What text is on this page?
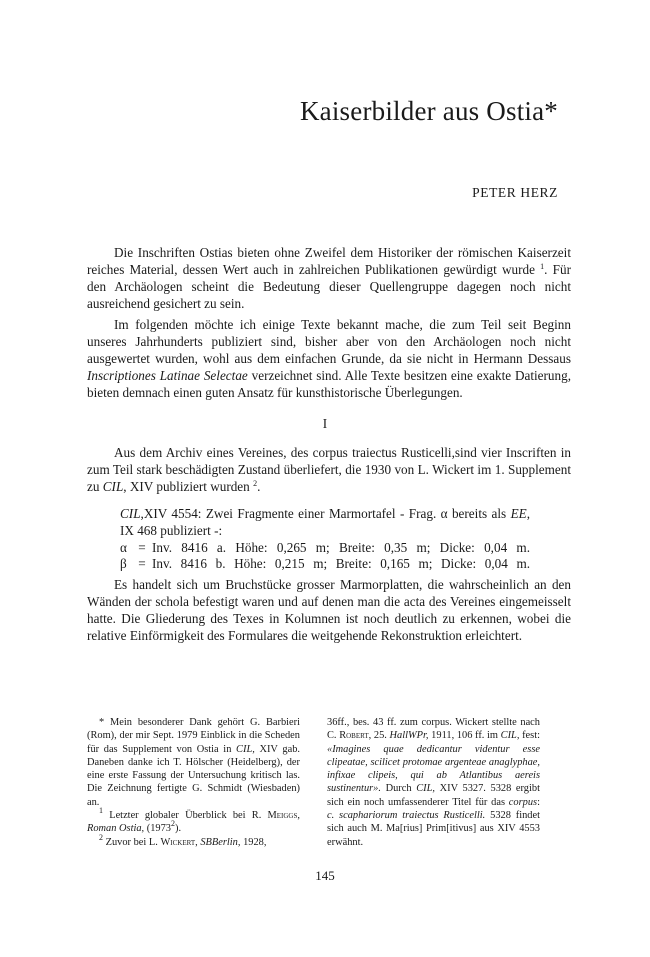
Kaiserbilder aus Ostia*
PETER HERZ

Die Inschriften Ostias bieten ohne Zweifel dem Historiker der römischen Kaiserzeit reiches Material, dessen Wert auch in zahlreichen Publikationen gewürdigt wurde $^1$. Für den Archäologen scheint die Bedeutung dieser Quellengruppe dagegen noch nicht ausreichend gesichert zu sein.

Im folgenden möchte ich einige Texte bekannt mache, die zum Teil seit Beginn unseres Jahrhunderts publiziert sind, bisher aber von den Archäologen noch nicht ausgewertet wurden, wohl aus dem einfachen Grunde, da sie nicht in Hermann Dessaus Inscriptiones Latinae Selectae verzeichnet sind. Alle Texte besitzen eine exakte Datierung, bieten demnach einen guten Ansatz für kunsthistorische Überlegungen.

I

Aus dem Archiv eines Vereines, des corpus traiectus Rusticelli,sind vier Inscriften in zum Teil stark beschädigten Zustand überliefert, die 1930 von L. Wickert im 1. Supplement zu CIL, XIV publiziert wurden $^2$.

CIL,XIV 4554: Zwei Fragmente einer Marmortafel - Frag. α bereits als EE,
IX 468 publiziert -:
α = Inv. 8416 a. Höhe: 0,265 m; Breite: 0,35 m; Dicke: 0,04 m.
β = Inv. 8416 b. Höhe: 0,215 m; Breite: 0,165 m; Dicke: 0,04 m.

Es handelt sich um Bruchstücke grosser Marmorplatten, die wahrscheinlich an den Wänden der schola befestigt waren und auf denen man die acta des Vereines eingemeisselt hatte. Die Gliederung des Texes in Kolumnen ist noch deutlich zu erkennen, wobei die relative Einförmigkeit des Formulares die weitgehende Rekonstruktion erleichtert.

* Mein besonderer Dank gehört G. Barbieri (Rom), der mir Sept. 1979 Einblick in die Scheden für das Supplement von Ostia in CIL, XIV gab. Daneben danke ich T. Hölscher (Heidelberg), der eine erste Fassung der Untersuchung kritisch las. Die Zeichnung fertigte G. Schmidt (Wiesbaden) an.

$^1$ Letzter globaler Überblick bei R. Meiggs, Roman Ostia, (1973$^2$).

$^2$ Zuvor bei L. Wickert, SBBerlin, 1928,

36ff., bes. 43 ff. zum corpus. Wickert stellte nach C. Robert, 25. HallWPr, 1911, 106 ff. im CIL, fest: «Imagines quae dedicantur videntur esse clipeatae, scilicet protomae argenteae anaglyphae, infixae clipeis, qui ab Atlantibus aereis sustinentur». Durch CIL, XIV 5327. 5328 ergibt sich ein noch umfassenderer Titel für das corpus: c. scaphariorum traiectus Rusticelli. 5328 findet sich auch M. Ma[rius] Prim[itivus] aus XIV 4553 erwähnt.

145
